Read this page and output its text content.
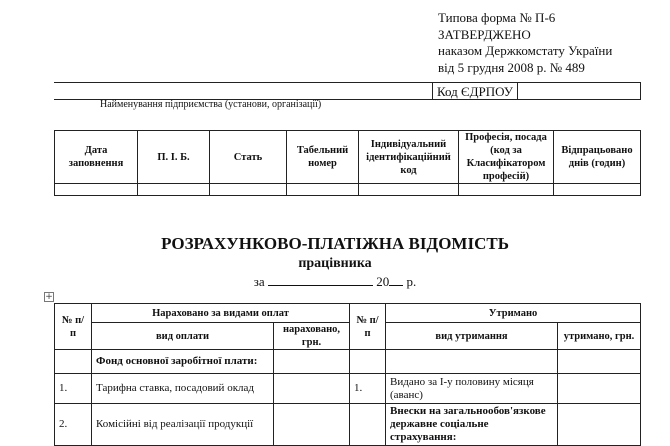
Типова форма № П-6
ЗАТВЕРДЖЕНО
наказом Держкомстату України
від 5 грудня 2008 р. № 489
Код ЄДРПОУ
Найменування підприємства (установи, організації)
Дата заповнення	П. І. Б.	Стать	Табельний номер	Індивідуальний ідентифікаційний код	Професія, посада (код за Класифікатором професій)	Відпрацьовано днів (годин)

РОЗРАХУНКОВО-ПЛАТІЖНА ВІДОМІСТЬ
працівника
за	20 р.
+
№ п/п	Нараховано за видами оплат		№ п/п	Утримано	
	вид оплати	нараховано, грн.		вид утримання	утримано, грн.
	Фонд основної заробітної плати:				
1.	Тарифна ставка, посадовий оклад		1.	Видано за І-у половину місяця (аванс)	
2.	Комісійні від реалізації продукції			Внески на загальнообов'язкове державне соціальне страхування:	
